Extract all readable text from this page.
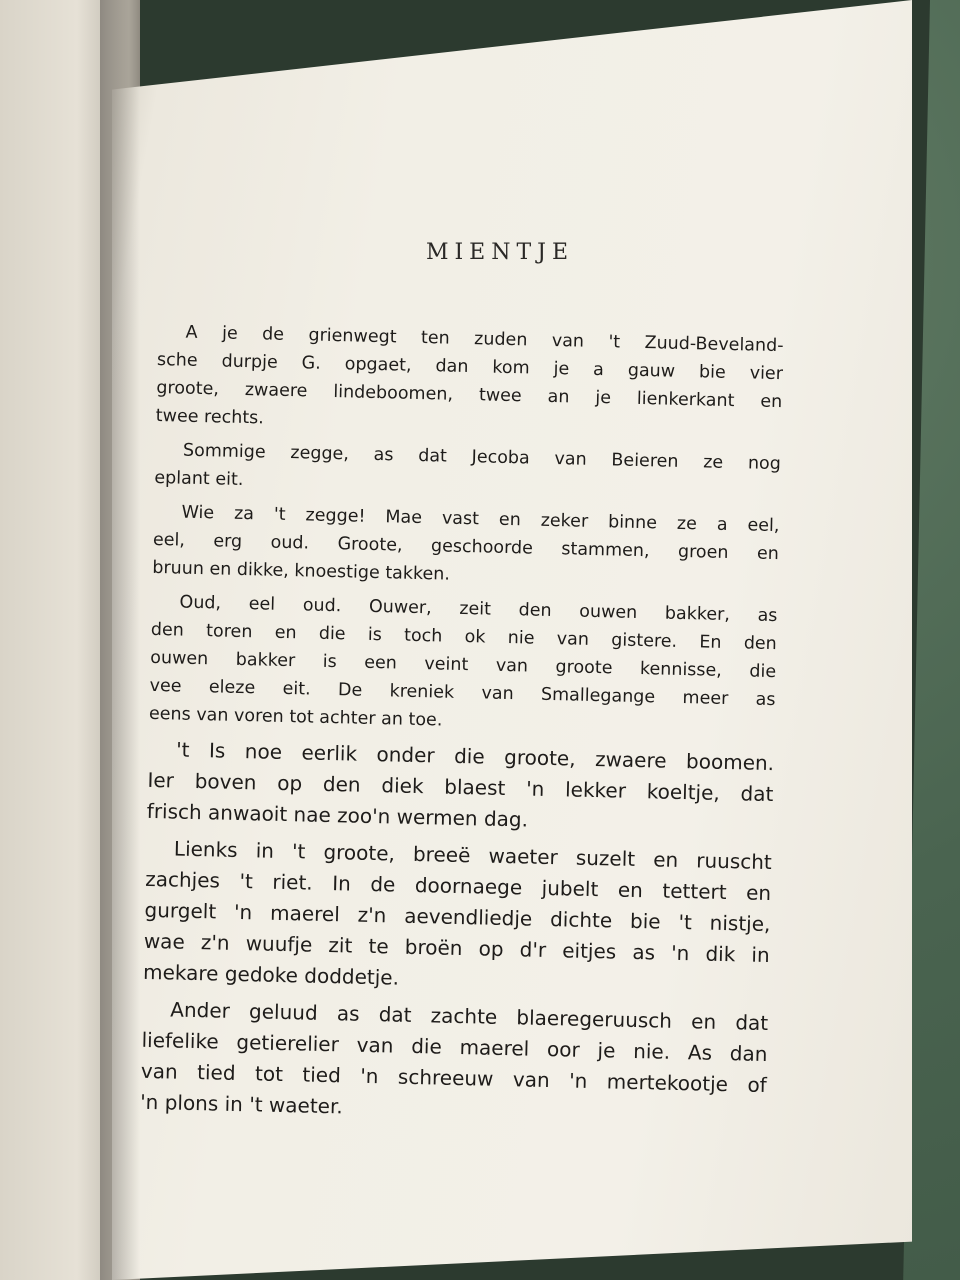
MIENTJE
A je de grienwegt ten zuden van 't Zuud-Beveland-
sche durpje G. opgaet, dan kom je a gauw bie vier
groote, zwaere lindeboomen, twee an je lienkerkant en
twee rechts.
Sommige zegge, as dat Jecoba van Beieren ze nog
eplant eit.
Wie za 't zegge! Mae vast en zeker binne ze a eel,
eel, erg oud. Groote, geschoorde stammen, groen en
bruun en dikke, knoestige takken.
Oud, eel oud. Ouwer, zeit den ouwen bakker, as
den toren en die is toch ok nie van gistere. En den
ouwen bakker is een veint van groote kennisse, die
vee eleze eit. De kreniek van Smallegange meer as
eens van voren tot achter an toe.
't Is noe eerlik onder die groote, zwaere boomen.
Ier boven op den diek blaest 'n lekker koeltje, dat
frisch anwaoit nae zoo'n wermen dag.
Lienks in 't groote, breeë waeter suzelt en ruuscht
zachjes 't riet. In de doornaege jubelt en tettert en
gurgelt 'n maerel z'n aevendliedje dichte bie 't nistje,
wae z'n wuufje zit te broën op d'r eitjes as 'n dik in
mekare gedoke doddetje.
Ander geluud as dat zachte blaeregeruusch en dat
liefelike getierelier van die maerel oor je nie. As dan
van tied tot tied 'n schreeuw van 'n mertekootje of
'n plons in 't waeter.
